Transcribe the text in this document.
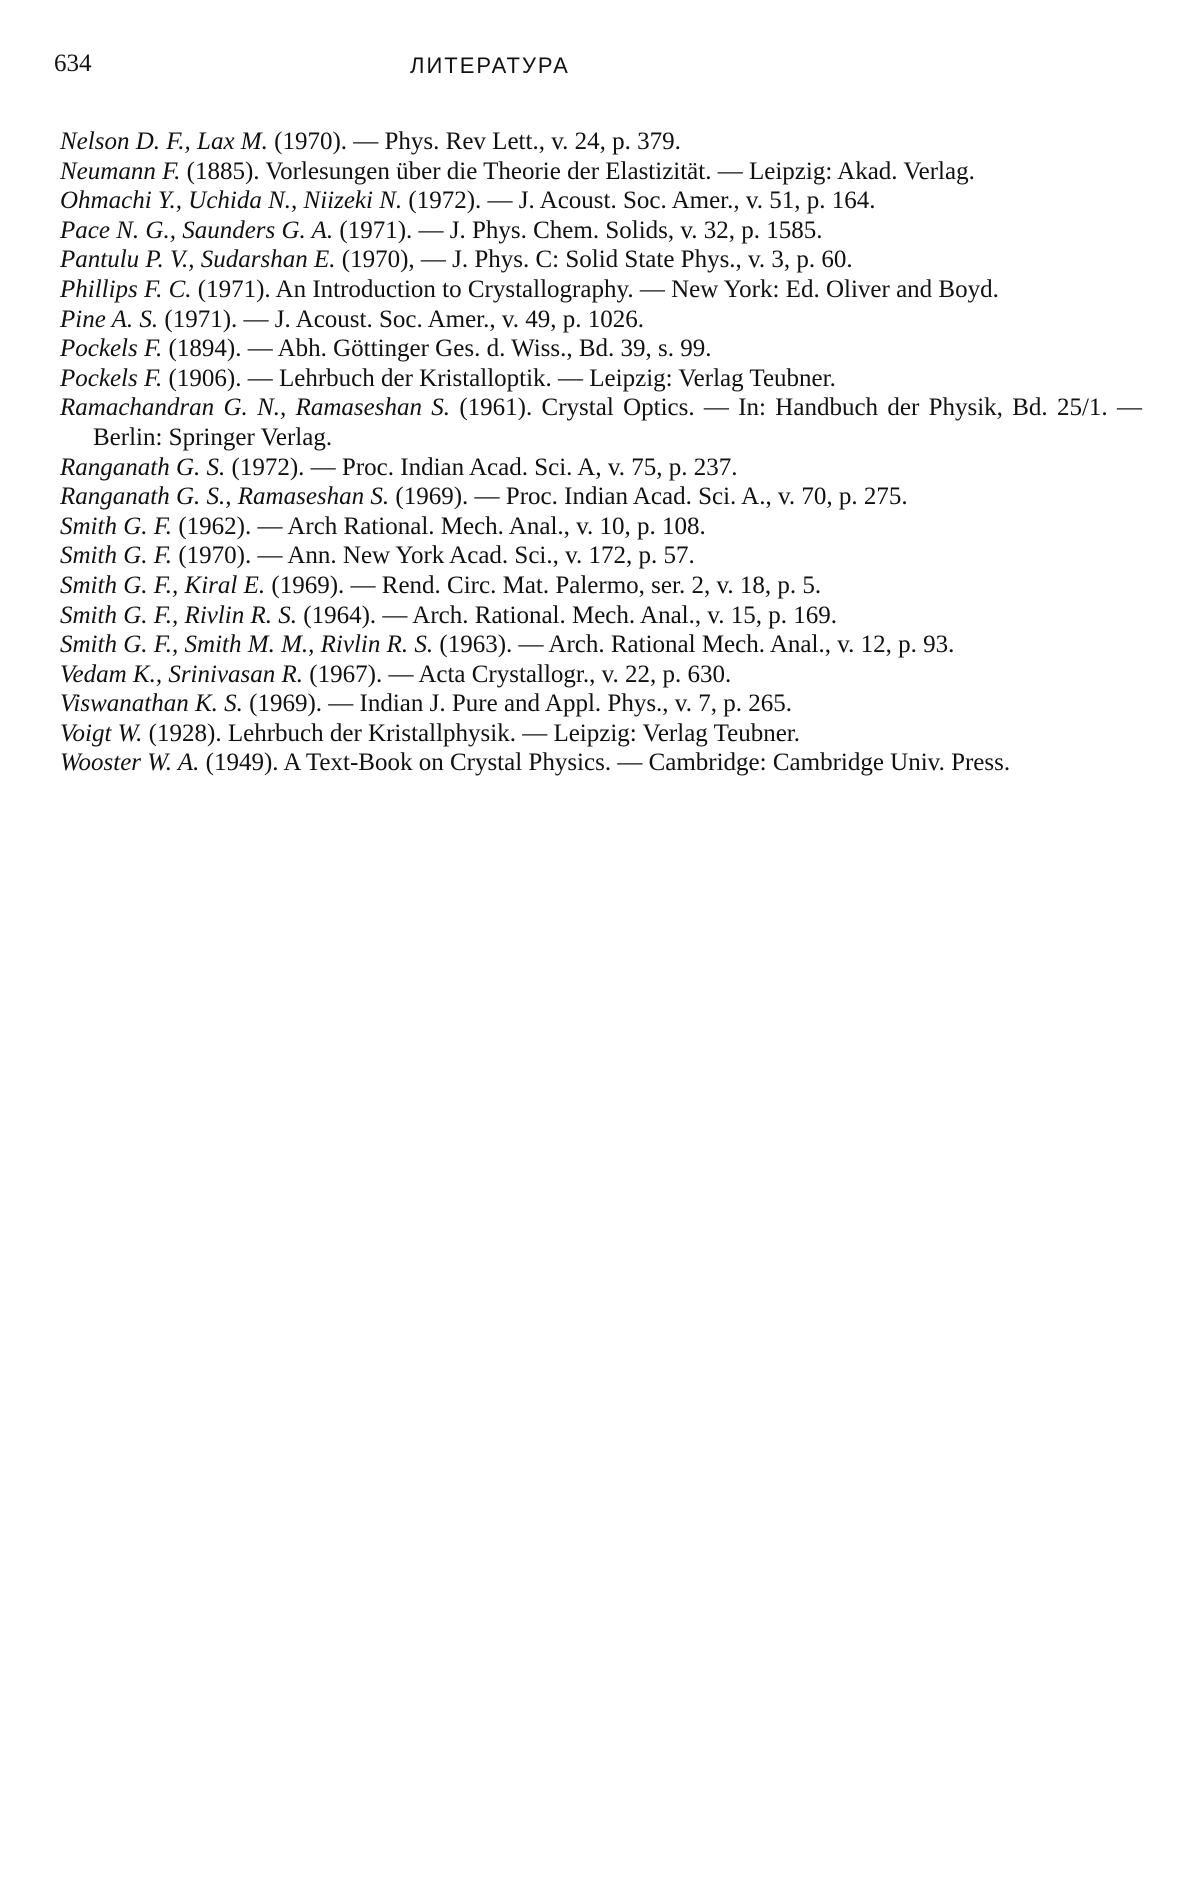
634	ЛИТЕРАТУРА
Nelson D. F., Lax M. (1970). — Phys. Rev Lett., v. 24, p. 379.
Neumann F. (1885). Vorlesungen über die Theorie der Elastizität. — Leipzig: Akad. Verlag.
Ohmachi Y., Uchida N., Niizeki N. (1972). — J. Acoust. Soc. Amer., v. 51, p. 164.
Pace N. G., Saunders G. A. (1971). — J. Phys. Chem. Solids, v. 32, p. 1585.
Pantulu P. V., Sudarshan E. (1970), — J. Phys. C: Solid State Phys., v. 3, p. 60.
Phillips F. C. (1971). An Introduction to Crystallography. — New York: Ed. Oliver and Boyd.
Pine A. S. (1971). — J. Acoust. Soc. Amer., v. 49, p. 1026.
Pockels F. (1894). — Abh. Göttinger Ges. d. Wiss., Bd. 39, s. 99.
Pockels F. (1906). — Lehrbuch der Kristalloptik. — Leipzig: Verlag Teubner.
Ramachandran G. N., Ramaseshan S. (1961). Crystal Optics. — In: Handbuch der Physik, Bd. 25/1. — Berlin: Springer Verlag.
Ranganath G. S. (1972). — Proc. Indian Acad. Sci. A, v. 75, p. 237.
Ranganath G. S., Ramaseshan S. (1969). — Proc. Indian Acad. Sci. A., v. 70, p. 275.
Smith G. F. (1962). — Arch Rational. Mech. Anal., v. 10, p. 108.
Smith G. F. (1970). — Ann. New York Acad. Sci., v. 172, p. 57.
Smith G. F., Kiral E. (1969). — Rend. Circ. Mat. Palermo, ser. 2, v. 18, p. 5.
Smith G. F., Rivlin R. S. (1964). — Arch. Rational. Mech. Anal., v. 15, p. 169.
Smith G. F., Smith M. M., Rivlin R. S. (1963). — Arch. Rational Mech. Anal., v. 12, p. 93.
Vedam K., Srinivasan R. (1967). — Acta Crystallogr., v. 22, p. 630.
Viswanathan K. S. (1969). — Indian J. Pure and Appl. Phys., v. 7, p. 265.
Voigt W. (1928). Lehrbuch der Kristallphysik. — Leipzig: Verlag Teubner.
Wooster W. A. (1949). A Text-Book on Crystal Physics. — Cambridge: Cambridge Univ. Press.
